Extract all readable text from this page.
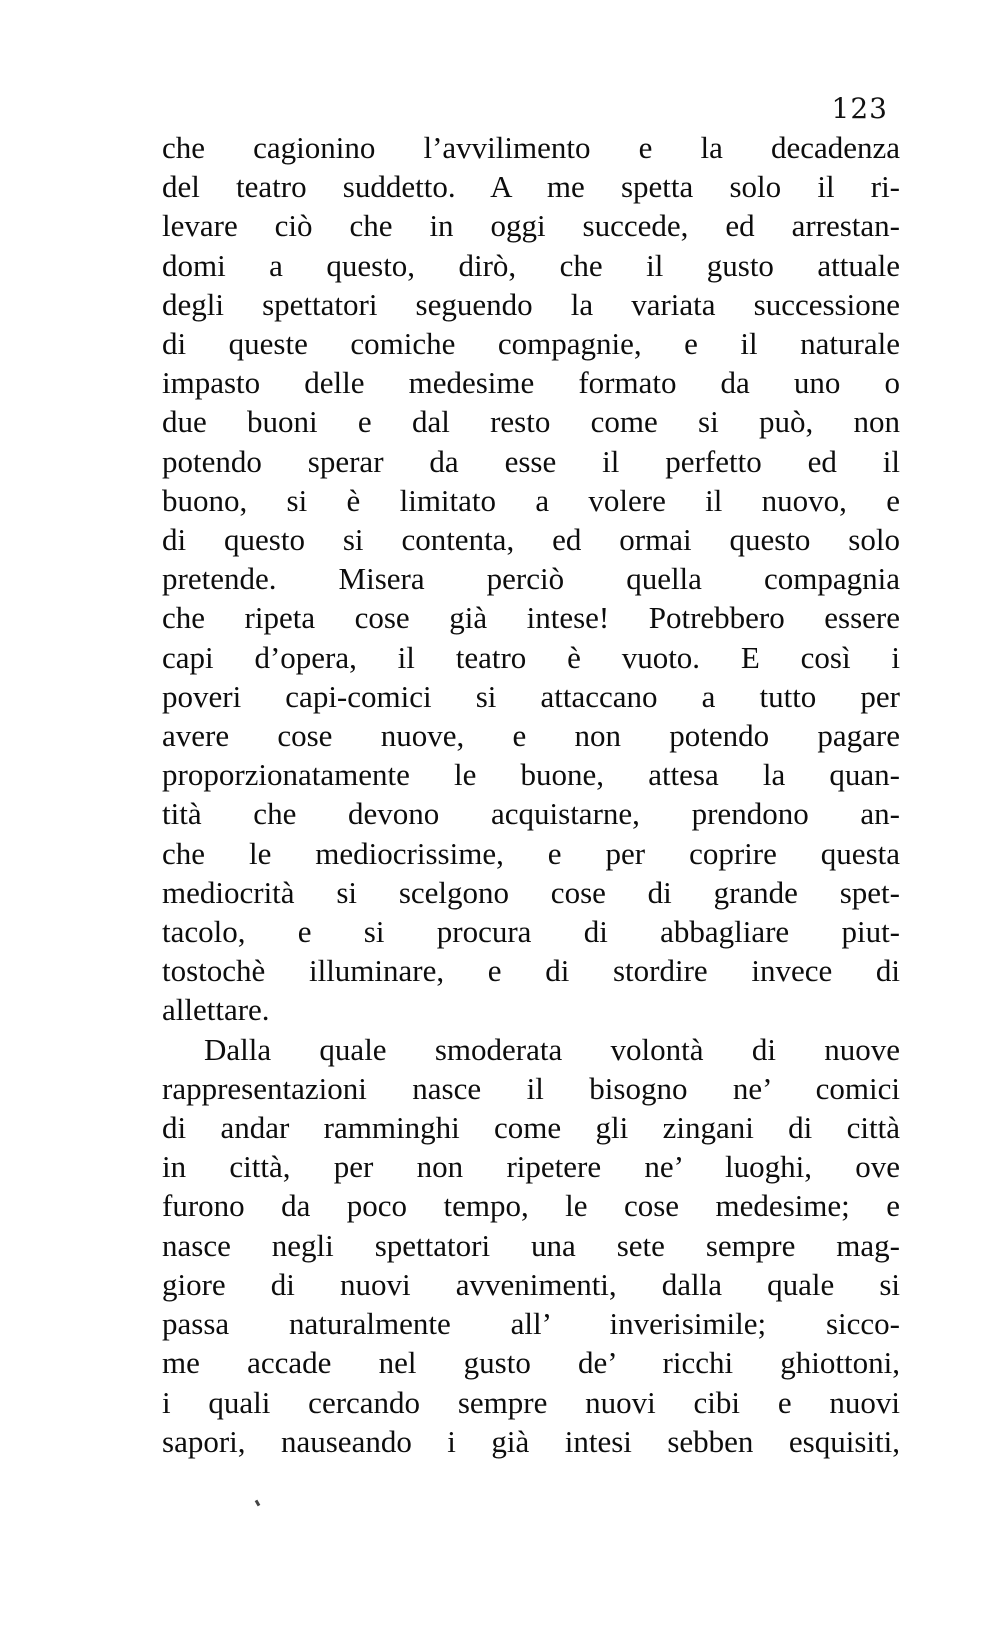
123
che cagionino l’avvilimento e la decadenza
del teatro suddetto. A me spetta solo il ri-
levare ciò che in oggi succede, ed arrestan-
domi a questo, dirò, che il gusto attuale
degli spettatori seguendo la variata successione
di queste comiche compagnie, e il naturale
impasto delle medesime formato da uno o
due buoni e dal resto come si può, non
potendo sperar da esse il perfetto ed il
buono, si è limitato a volere il nuovo, e
di questo si contenta, ed ormai questo solo
pretende. Misera perciò quella compagnia
che ripeta cose già intese! Potrebbero essere
capi d’opera, il teatro è vuoto. E così i
poveri capi-comici si attaccano a tutto per
avere cose nuove, e non potendo pagare
proporzionatamente le buone, attesa la quan-
tità che devono acquistarne, prendono an-
che le mediocrissime, e per coprire questa
mediocrità si scelgono cose di grande spet-
tacolo, e si procura di abbagliare piut-
tostochè illuminare, e di stordire invece di
allettare.
Dalla quale smoderata volontà di nuove
rappresentazioni nasce il bisogno ne’ comici
di andar ramminghi come gli zingani di città
in città, per non ripetere ne’ luoghi, ove
furono da poco tempo, le cose medesime; e
nasce negli spettatori una sete sempre mag-
giore di nuovi avvenimenti, dalla quale si
passa naturalmente all’ inverisimile; sicco-
me accade nel gusto de’ ricchi ghiottoni,
i quali cercando sempre nuovi cibi e nuovi
sapori, nauseando i già intesi sebben esquisiti,
